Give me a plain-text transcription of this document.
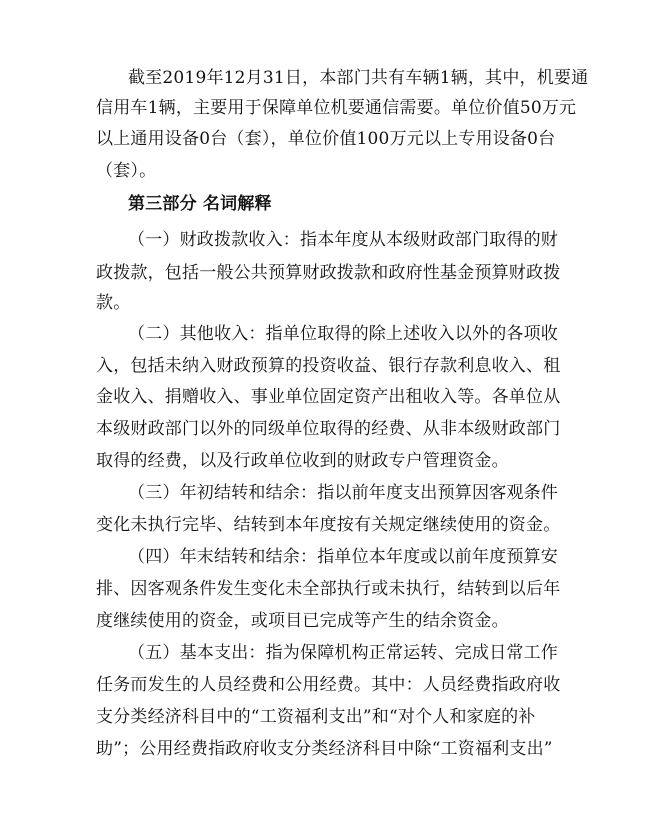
截至2019年12月31日，本部门共有车辆1辆，其中，机要通
信用车1辆，主要用于保障单位机要通信需要。单位价值50万元
以上通用设备0台（套），单位价值100万元以上专用设备0台
（套）。
第三部分 名词解释
（一）财政拨款收入：指本年度从本级财政部门取得的财
政拨款，包括一般公共预算财政拨款和政府性基金预算财政拨
款。
（二）其他收入：指单位取得的除上述收入以外的各项收
入，包括未纳入财政预算的投资收益、银行存款利息收入、租
金收入、捐赠收入、事业单位固定资产出租收入等。各单位从
本级财政部门以外的同级单位取得的经费、从非本级财政部门
取得的经费，以及行政单位收到的财政专户管理资金。
（三）年初结转和结余：指以前年度支出预算因客观条件
变化未执行完毕、结转到本年度按有关规定继续使用的资金。
（四）年末结转和结余：指单位本年度或以前年度预算安
排、因客观条件发生变化未全部执行或未执行，结转到以后年
度继续使用的资金，或项目已完成等产生的结余资金。
（五）基本支出：指为保障机构正常运转、完成日常工作
任务而发生的人员经费和公用经费。其中：人员经费指政府收
支分类经济科目中的“工资福利支出”和“对个人和家庭的补
助”；公用经费指政府收支分类经济科目中除“工资福利支出”
